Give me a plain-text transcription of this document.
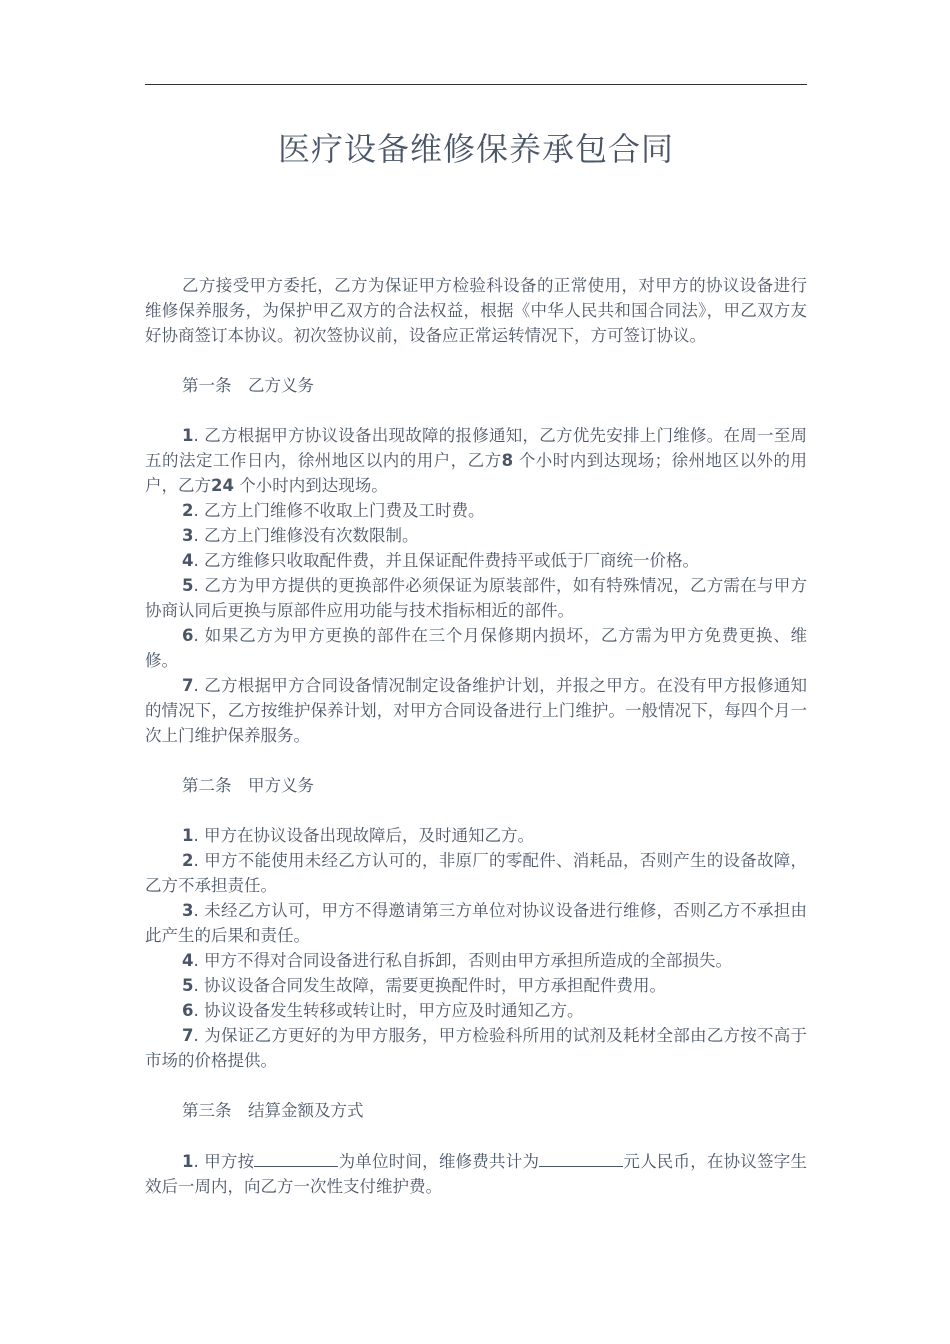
医疗设备维修保养承包合同

乙方接受甲方委托，乙方为保证甲方检验科设备的正常使用，对甲方的协议设备进行维修保养服务，为保护甲乙双方的合法权益，根据《中华人民共和国合同法》，甲乙双方友好协商签订本协议。初次签协议前，设备应正常运转情况下，方可签订协议。

第一条　乙方义务

1. 乙方根据甲方协议设备出现故障的报修通知，乙方优先安排上门维修。在周一至周五的法定工作日内，徐州地区以内的用户，乙方8 个小时内到达现场；徐州地区以外的用户，乙方24 个小时内到达现场。

2. 乙方上门维修不收取上门费及工时费。

3. 乙方上门维修没有次数限制。

4. 乙方维修只收取配件费，并且保证配件费持平或低于厂商统一价格。

5. 乙方为甲方提供的更换部件必须保证为原装部件，如有特殊情况，乙方需在与甲方协商认同后更换与原部件应用功能与技术指标相近的部件。

6. 如果乙方为甲方更换的部件在三个月保修期内损坏，乙方需为甲方免费更换、维修。

7. 乙方根据甲方合同设备情况制定设备维护计划，并报之甲方。在没有甲方报修通知的情况下，乙方按维护保养计划，对甲方合同设备进行上门维护。一般情况下，每四个月一次上门维护保养服务。

第二条　甲方义务

1. 甲方在协议设备出现故障后，及时通知乙方。

2. 甲方不能使用未经乙方认可的，非原厂的零配件、消耗品，否则产生的设备故障，乙方不承担责任。

3. 未经乙方认可，甲方不得邀请第三方单位对协议设备进行维修，否则乙方不承担由此产生的后果和责任。

4. 甲方不得对合同设备进行私自拆卸，否则由甲方承担所造成的全部损失。

5. 协议设备合同发生故障，需要更换配件时，甲方承担配件费用。

6. 协议设备发生转移或转让时，甲方应及时通知乙方。

7. 为保证乙方更好的为甲方服务，甲方检验科所用的试剂及耗材全部由乙方按不高于市场的价格提供。

第三条　结算金额及方式

1. 甲方按	为单位时间，维修费共计为	元人民币，在协议签字生效后一周内，向乙方一次性支付维护费。
